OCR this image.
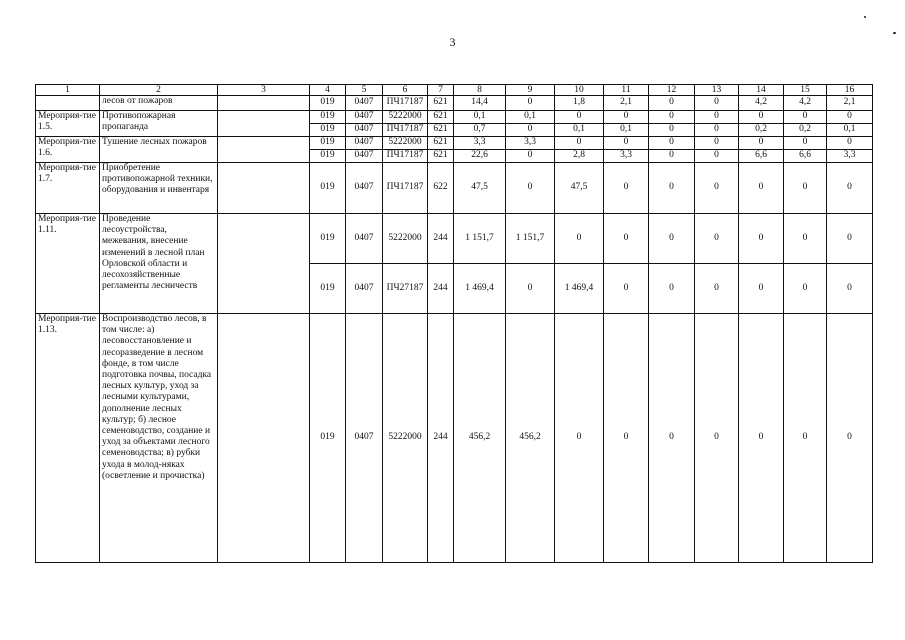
3
1	2	3	4	5	6	7	8	9	10	11	12	13	14	15	16
	лесов от пожаров		019	0407	ПЧ17187	621	14,4	0	1,8	2,1	0	0	4,2	4,2	2,1
Мероприя-тие 1.5.	Противопожарная пропаганда		019	0407	5222000	621	0,1	0,1	0	0	0	0	0	0	0
			019	0407	ПЧ17187	621	0,7	0	0,1	0,1	0	0	0,2	0,2	0,1
Мероприя-тие 1.6.	Тушение лесных пожаров		019	0407	5222000	621	3,3	3,3	0	0	0	0	0	0	0
			019	0407	ПЧ17187	621	22,6	0	2,8	3,3	0	0	6,6	6,6	3,3
Мероприя-тие 1.7.	Приобретение противопожарной техники, оборудования и инвентаря		019	0407	ПЧ17187	622	47,5	0	47,5	0	0	0	0	0	0
Мероприя-тие 1.11.	Проведение лесоустройства, межевания, внесение изменений в лесной план Орловской области и лесохозяйственные регламенты лесничеств		019	0407	5222000	244	1 151,7	1 151,7	0	0	0	0	0	0	0
			019	0407	ПЧ27187	244	1 469,4	0	1 469,4	0	0	0	0	0	0
Мероприя-тие 1.13.	Воспроизводство лесов, в том числе: а) лесовосстановление и лесоразведение в лесном фонде, в том числе подготовка почвы, посадка лесных культур, уход за лесными культурами, дополнение лесных культур; б) лесное семеноводство, создание и уход за объектами лесного семеноводства; в) рубки ухода в молод-няках (осветление и прочистка)		019	0407	5222000	244	456,2	456,2	0	0	0	0	0	0	0
